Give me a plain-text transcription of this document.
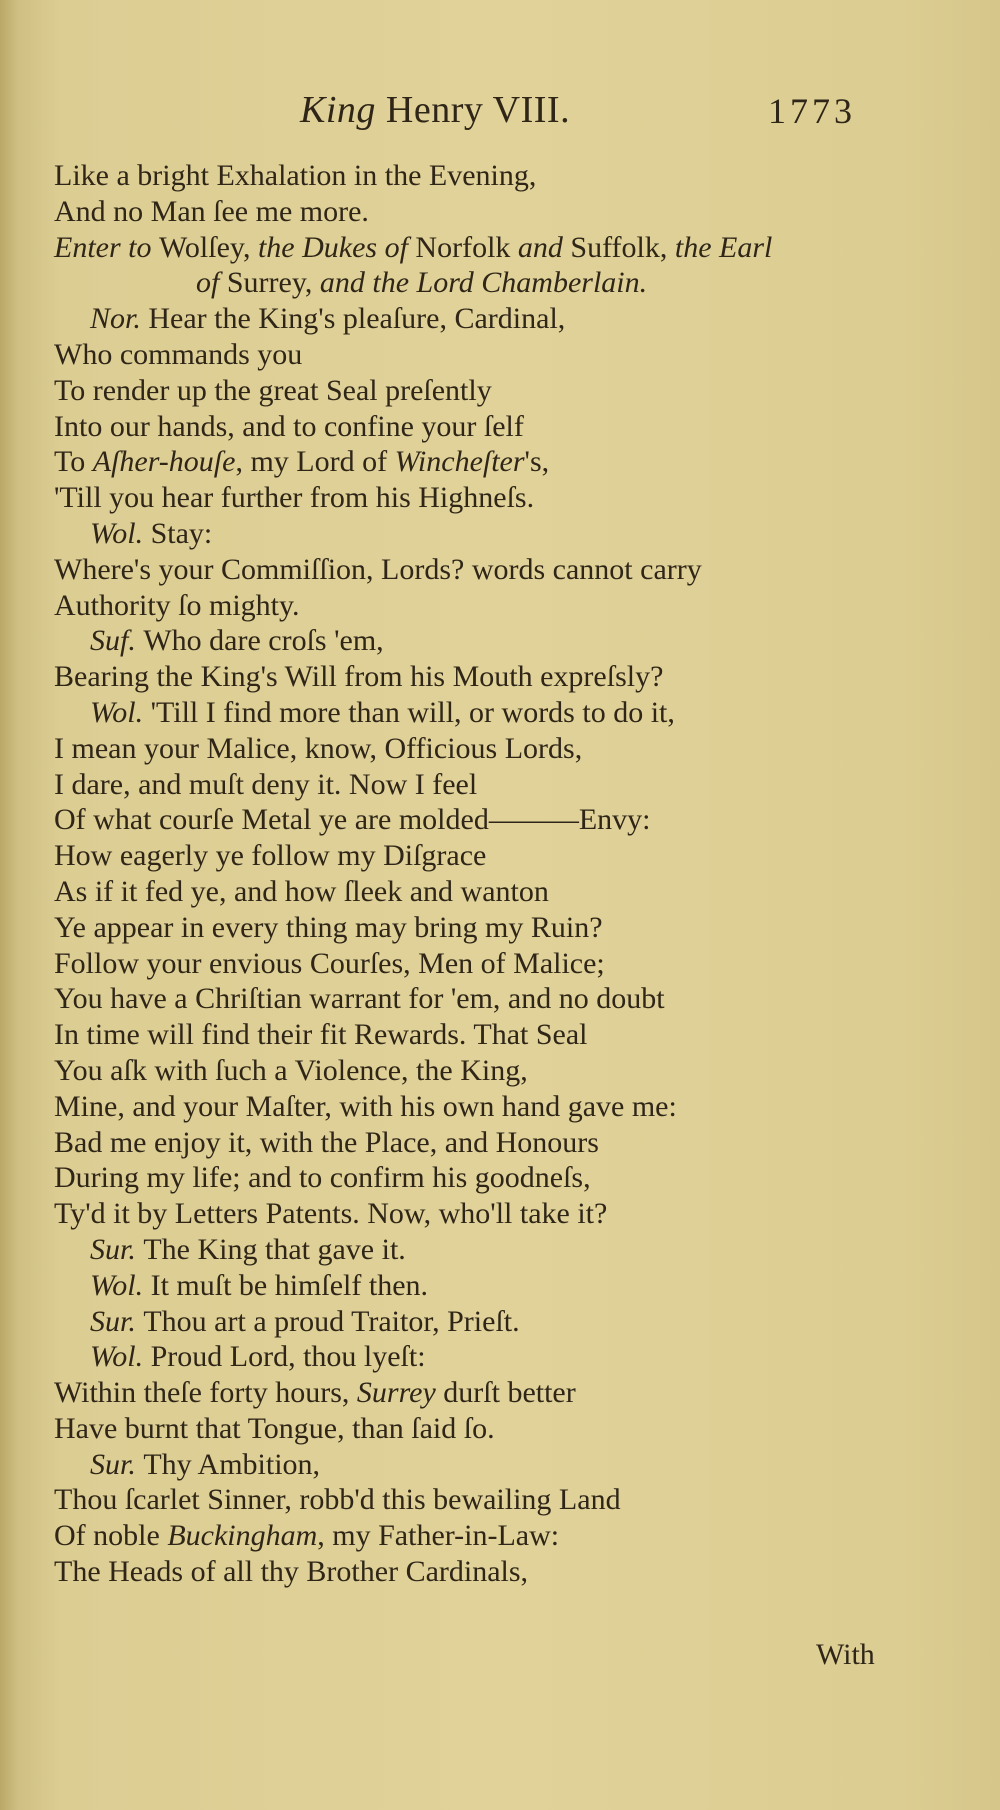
King Henry VIII.	1773
Like a bright Exhalation in the Evening,
And no Man ſee me more.
Enter to Wolſey, the Dukes of Norfolk and Suffolk, the Earl
of Surrey, and the Lord Chamberlain.
Nor. Hear the King's pleaſure, Cardinal,
Who commands you
To render up the great Seal preſently
Into our hands, and to confine your ſelf
To Aſher-houſe, my Lord of Wincheſter's,
'Till you hear further from his Highneſs.
Wol. Stay:
Where's your Commiſſion, Lords? words cannot carry
Authority ſo mighty.
Suf. Who dare croſs 'em,
Bearing the King's Will from his Mouth expreſsly?
Wol. 'Till I find more than will, or words to do it,
I mean your Malice, know, Officious Lords,
I dare, and muſt deny it. Now I feel
Of what courſe Metal ye are molded———Envy:
How eagerly ye follow my Diſgrace
As if it fed ye, and how ſleek and wanton
Ye appear in every thing may bring my Ruin?
Follow your envious Courſes, Men of Malice;
You have a Chriſtian warrant for 'em, and no doubt
In time will find their fit Rewards. That Seal
You aſk with ſuch a Violence, the King,
Mine, and your Maſter, with his own hand gave me:
Bad me enjoy it, with the Place, and Honours
During my life; and to confirm his goodneſs,
Ty'd it by Letters Patents. Now, who'll take it?
Sur. The King that gave it.
Wol. It muſt be himſelf then.
Sur. Thou art a proud Traitor, Prieſt.
Wol. Proud Lord, thou lyeſt:
Within theſe forty hours, Surrey durſt better
Have burnt that Tongue, than ſaid ſo.
Sur. Thy Ambition,
Thou ſcarlet Sinner, robb'd this bewailing Land
Of noble Buckingham, my Father-in-Law:
The Heads of all thy Brother Cardinals,
With
